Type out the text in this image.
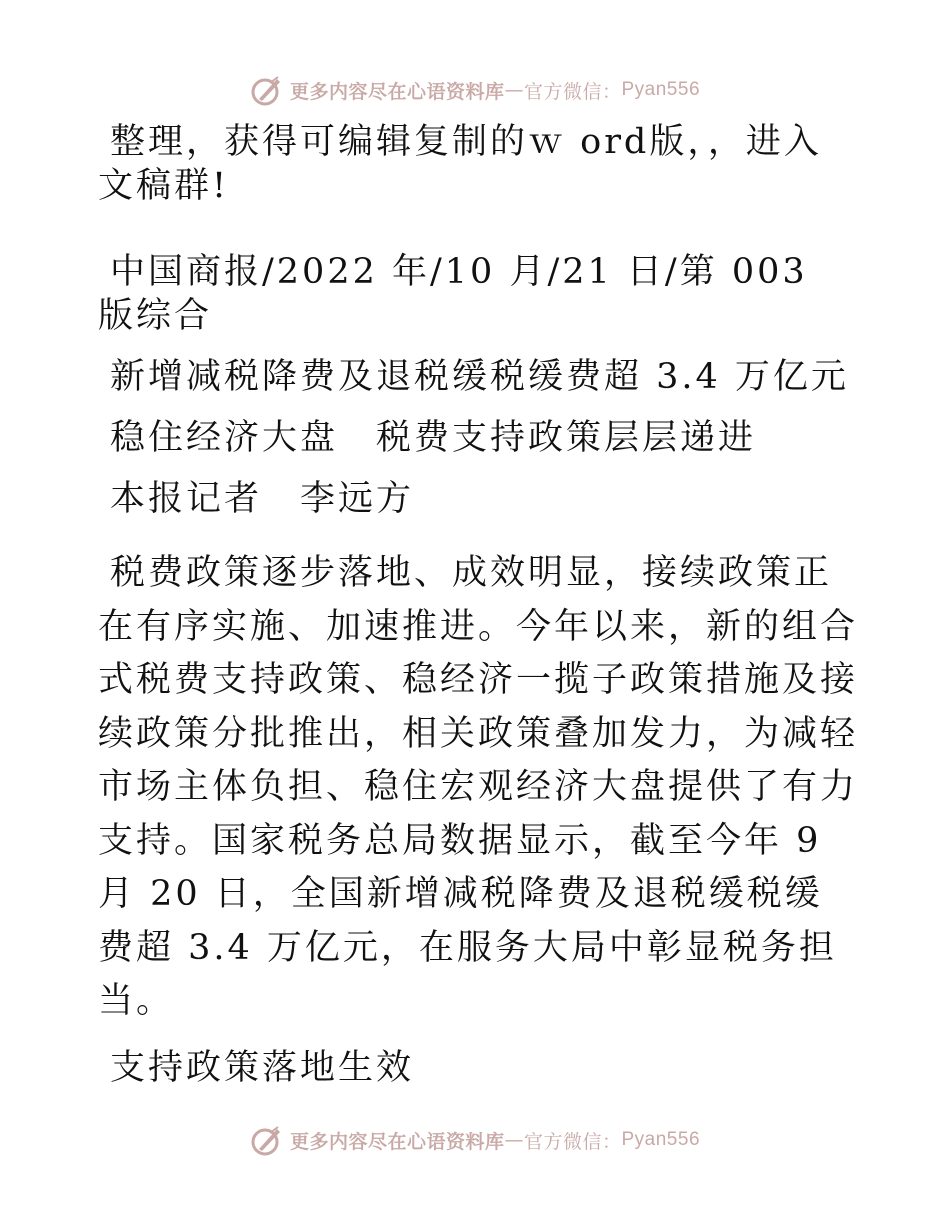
更多内容尽在心语资料库 — 官方微信： Pyan556

整理，获得可编辑复制的ｗ ord版，，进入文稿群!

中国商报/2022 年/10 月/21 日/第 003 版综合

新增减税降费及退税缓税缓费超 3.4 万亿元

稳住经济大盘　税费支持政策层层递进

本报记者　李远方

税费政策逐步落地、成效明显，接续政策正在有序实施、加速推进。今年以来，新的组合式税费支持政策、稳经济一揽子政策措施及接续政策分批推出，相关政策叠加发力，为减轻市场主体负担、稳住宏观经济大盘提供了有力支持。国家税务总局数据显示，截至今年 9 月 20 日，全国新增减税降费及退税缓税缓费超 3.4 万亿元，在服务大局中彰显税务担当。

支持政策落地生效

更多内容尽在心语资料库 — 官方微信： Pyan556
